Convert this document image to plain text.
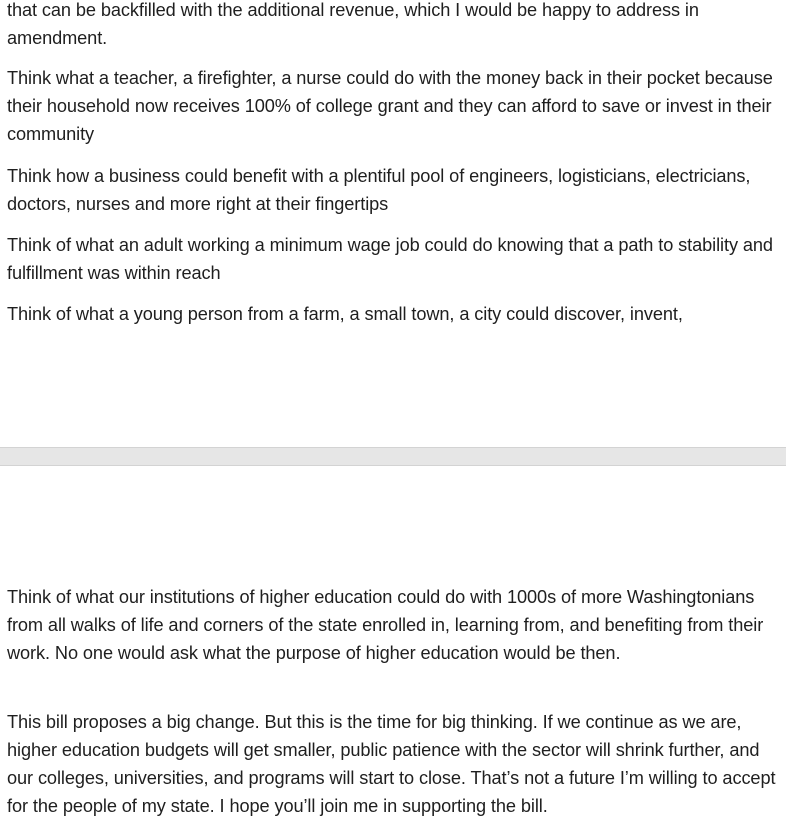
that can be backfilled with the additional revenue, which I would be happy to address in amendment.

Think what a teacher, a firefighter, a nurse could do with the money back in their pocket because their household now receives 100% of college grant and they can afford to save or invest in their community

Think how a business could benefit with a plentiful pool of engineers, logisticians, electricians, doctors, nurses and more right at their fingertips

Think of what an adult working a minimum wage job could do knowing that a path to stability and fulfillment was within reach

Think of what a young person from a farm, a small town, a city could discover, invent,

Think of what our institutions of higher education could do with 1000s of more Washingtonians from all walks of life and corners of the state enrolled in, learning from, and benefiting from their work. No one would ask what the purpose of higher education would be then.

This bill proposes a big change. But this is the time for big thinking. If we continue as we are, higher education budgets will get smaller, public patience with the sector will shrink further, and our colleges, universities, and programs will start to close. That’s not a future I’m willing to accept for the people of my state. I hope you’ll join me in supporting the bill.
